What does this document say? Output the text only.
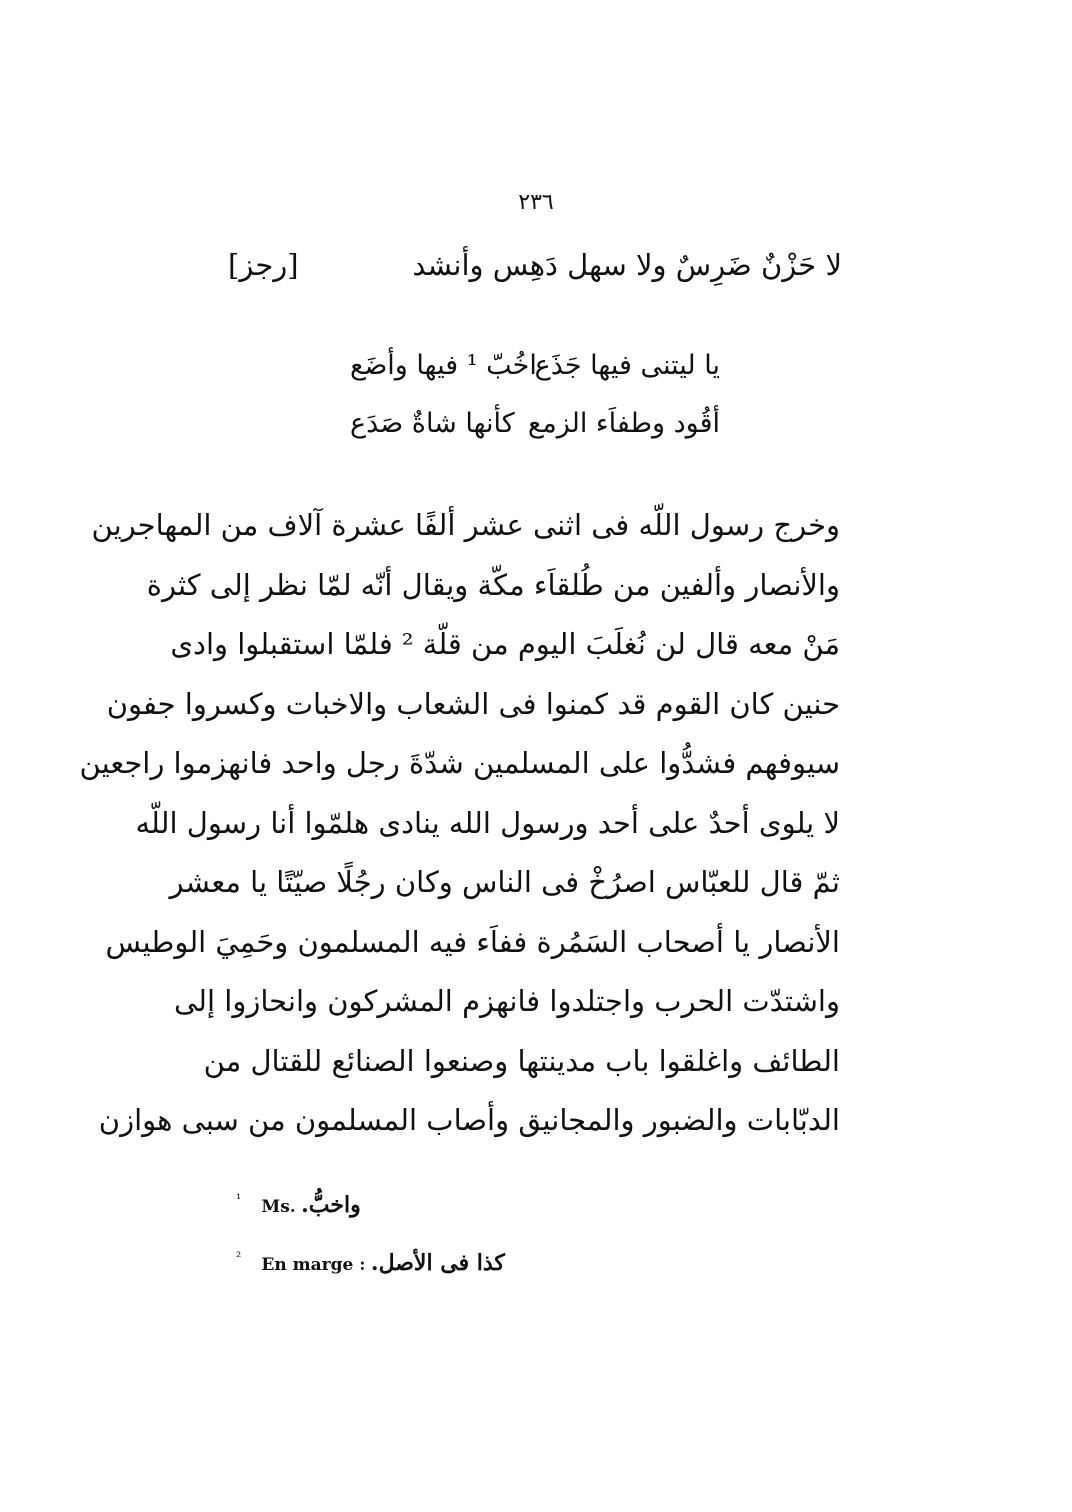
٢٣٦
لا حَزْنٌ ضَرِسٌ ولا سهل دَهِس وأنشد
[رجز]
يا ليتنى فيها جَذَع
اخُبّ ¹ فيها وأضَع
أقُود وطفاَء الزمع
كأنها شاةٌ صَدَع
وخرج رسول اللّه فى اثنى عشر ألفًا عشرة آلاف من المهاجرين
والأنصار وألفين من طُلقاَء مكّة ويقال أنّه لمّا نظر إلى كثرة
مَنْ معه قال لن نُغلَبَ اليوم من قلّة ² فلمّا استقبلوا وادى
حنين كان القوم قد كمنوا فى الشعاب والاخبات وكسروا جفون
سيوفهم فشدُّوا على المسلمين شدّةَ رجل واحد فانهزموا راجعين
لا يلوى أحدٌ على أحد ورسول الله ينادى هلمّوا أنا رسول اللّه
ثمّ قال للعبّاس اصرُخْ فى الناس وكان رجُلًا صيّتًا يا معشر
الأنصار يا أصحاب السَمُرة ففاَء فيه المسلمون وحَمِيَ الوطيس
واشتدّت الحرب واجتلدوا فانهزم المشركون وانحازوا إلى
الطائف واغلقوا باب مدينتها وصنعوا الصنائع للقتال من
الدبّابات والضبور والمجانيق وأصاب المسلمون من سبى هوازن
¹ Ms. واخبُّ.
² En marge : كذا فى الأصل.
